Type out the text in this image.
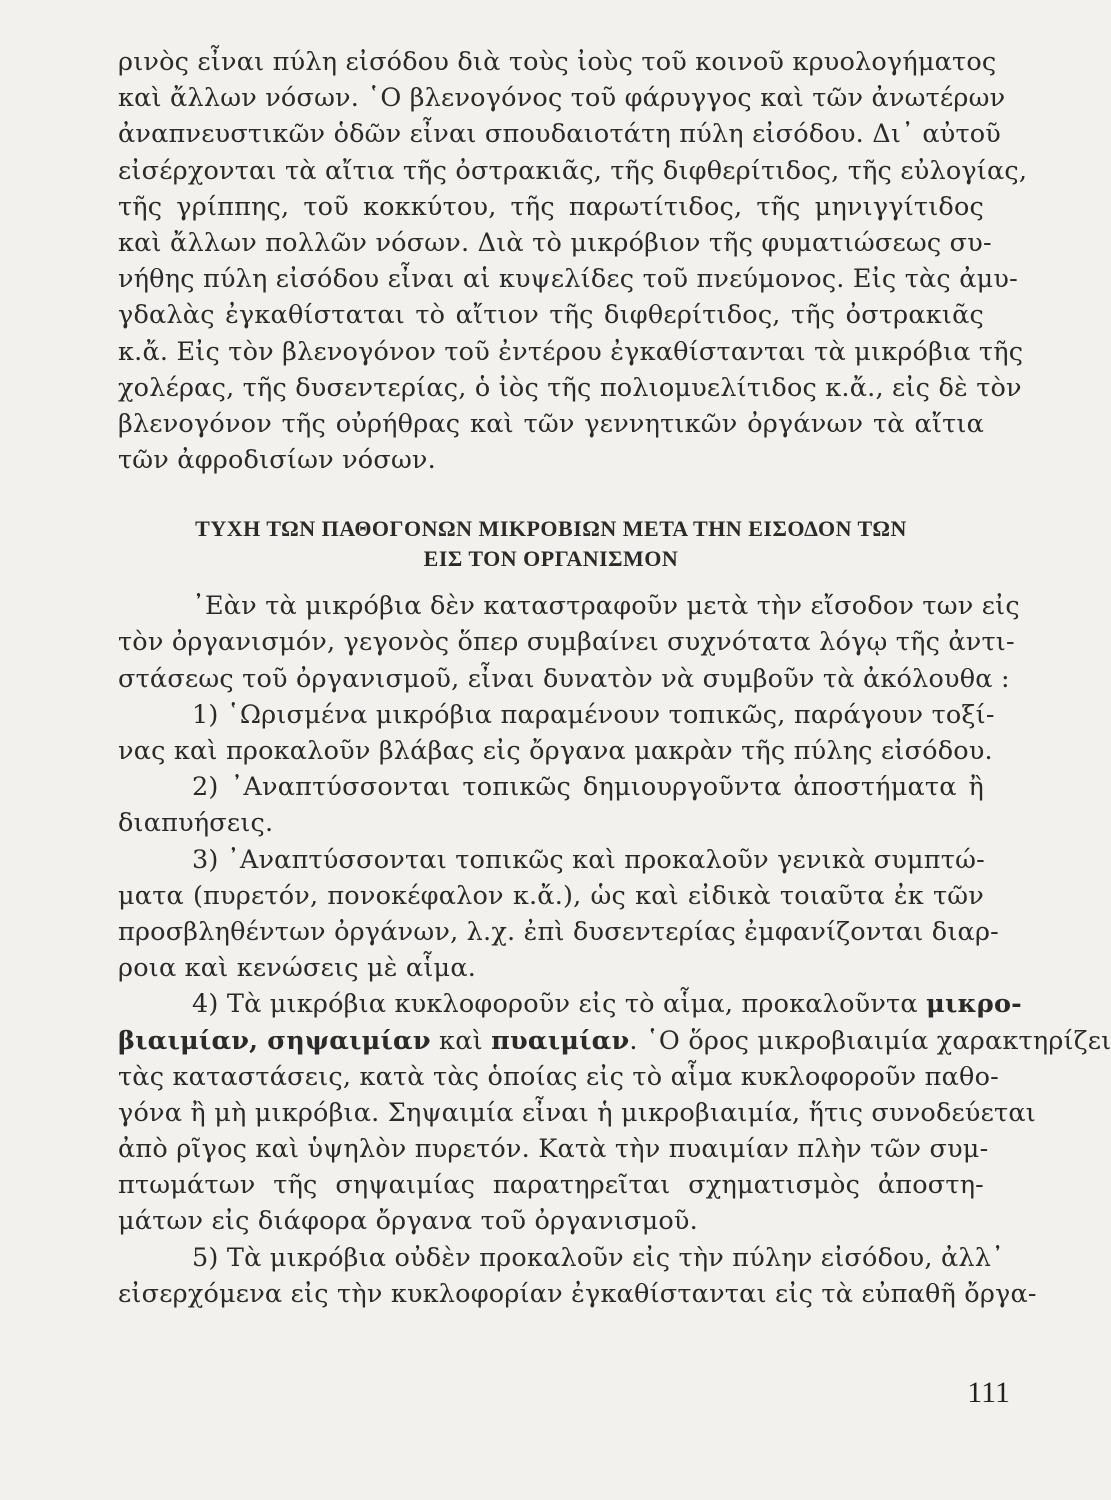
ρινὸς εἶναι πύλη εἰσόδου διὰ τοὺς ἰοὺς τοῦ κοινοῦ κρυολογήματος
καὶ ἄλλων νόσων. ῾Ο βλενογόνος τοῦ φάρυγγος καὶ τῶν ἀνωτέρων
ἀναπνευστικῶν ὁδῶν εἶναι σπουδαιοτάτη πύλη εἰσόδου. Δι᾽ αὐτοῦ
εἰσέρχονται τὰ αἴτια τῆς ὀστρακιᾶς, τῆς διφθερίτιδος, τῆς εὐλογίας,
τῆς γρίππης, τοῦ κοκκύτου, τῆς παρωτίτιδος, τῆς μηνιγγίτιδος
καὶ ἄλλων πολλῶν νόσων. Διὰ τὸ μικρόβιον τῆς φυματιώσεως συ-
νήθης πύλη εἰσόδου εἶναι αἱ κυψελίδες τοῦ πνεύμονος. Εἰς τὰς ἀμυ-
γδαλὰς ἐγκαθίσταται τὸ αἴτιον τῆς διφθερίτιδος, τῆς ὀστρακιᾶς
κ.ἄ. Εἰς τὸν βλενογόνον τοῦ ἐντέρου ἐγκαθίστανται τὰ μικρόβια τῆς
χολέρας, τῆς δυσεντερίας, ὁ ἰὸς τῆς πολιομυελίτιδος κ.ἄ., εἰς δὲ τὸν
βλενογόνον τῆς οὐρήθρας καὶ τῶν γεννητικῶν ὀργάνων τὰ αἴτια
τῶν ἀφροδισίων νόσων.
ΤΥΧΗ ΤΩΝ ΠΑΘΟΓΟΝΩΝ ΜΙΚΡΟΒΙΩΝ ΜΕΤΑ ΤΗΝ ΕΙΣΟΔΟΝ ΤΩΝ
ΕΙΣ ΤΟΝ ΟΡΓΑΝΙΣΜΟΝ
᾿Εὰν τὰ μικρόβια δὲν καταστραφοῦν μετὰ τὴν εἴσοδον των εἰς
τὸν ὀργανισμόν, γεγονὸς ὅπερ συμβαίνει συχνότατα λόγῳ τῆς ἀντι-
στάσεως τοῦ ὀργανισμοῦ, εἶναι δυνατὸν νὰ συμβοῦν τὰ ἀκόλουθα :
1) ῾Ωρισμένα μικρόβια παραμένουν τοπικῶς, παράγουν τοξί-
νας καὶ προκαλοῦν βλάβας εἰς ὄργανα μακρὰν τῆς πύλης εἰσόδου.
2) ᾿Αναπτύσσονται τοπικῶς δημιουργοῦντα ἀποστήματα ἢ
διαπυήσεις.
3) ᾿Αναπτύσσονται τοπικῶς καὶ προκαλοῦν γενικὰ συμπτώ-
ματα (πυρετόν, πονοκέφαλον κ.ἄ.), ὡς καὶ εἰδικὰ τοιαῦτα ἐκ τῶν
προσβληθέντων ὀργάνων, λ.χ. ἐπὶ δυσεντερίας ἐμφανίζονται διαρ-
ροια καὶ κενώσεις μὲ αἷμα.
4) Τὰ μικρόβια κυκλοφοροῦν εἰς τὸ αἷμα, προκαλοῦντα μικρο-
βιαιμίαν, σηψαιμίαν καὶ πυαιμίαν. ῾Ο ὅρος μικροβιαιμία χαρακτηρίζει
τὰς καταστάσεις, κατὰ τὰς ὁποίας εἰς τὸ αἷμα κυκλοφοροῦν παθο-
γόνα ἢ μὴ μικρόβια. Σηψαιμία εἶναι ἡ μικροβιαιμία, ἥτις συνοδεύεται
ἀπὸ ρῖγος καὶ ὑψηλὸν πυρετόν. Κατὰ τὴν πυαιμίαν πλὴν τῶν συμ-
πτωμάτων τῆς σηψαιμίας παρατηρεῖται σχηματισμὸς ἀποστη-
μάτων εἰς διάφορα ὄργανα τοῦ ὀργανισμοῦ.
5) Τὰ μικρόβια οὐδὲν προκαλοῦν εἰς τὴν πύλην εἰσόδου, ἀλλ᾽
εἰσερχόμενα εἰς τὴν κυκλοφορίαν ἐγκαθίστανται εἰς τὰ εὐπαθῆ ὄργα-
111
